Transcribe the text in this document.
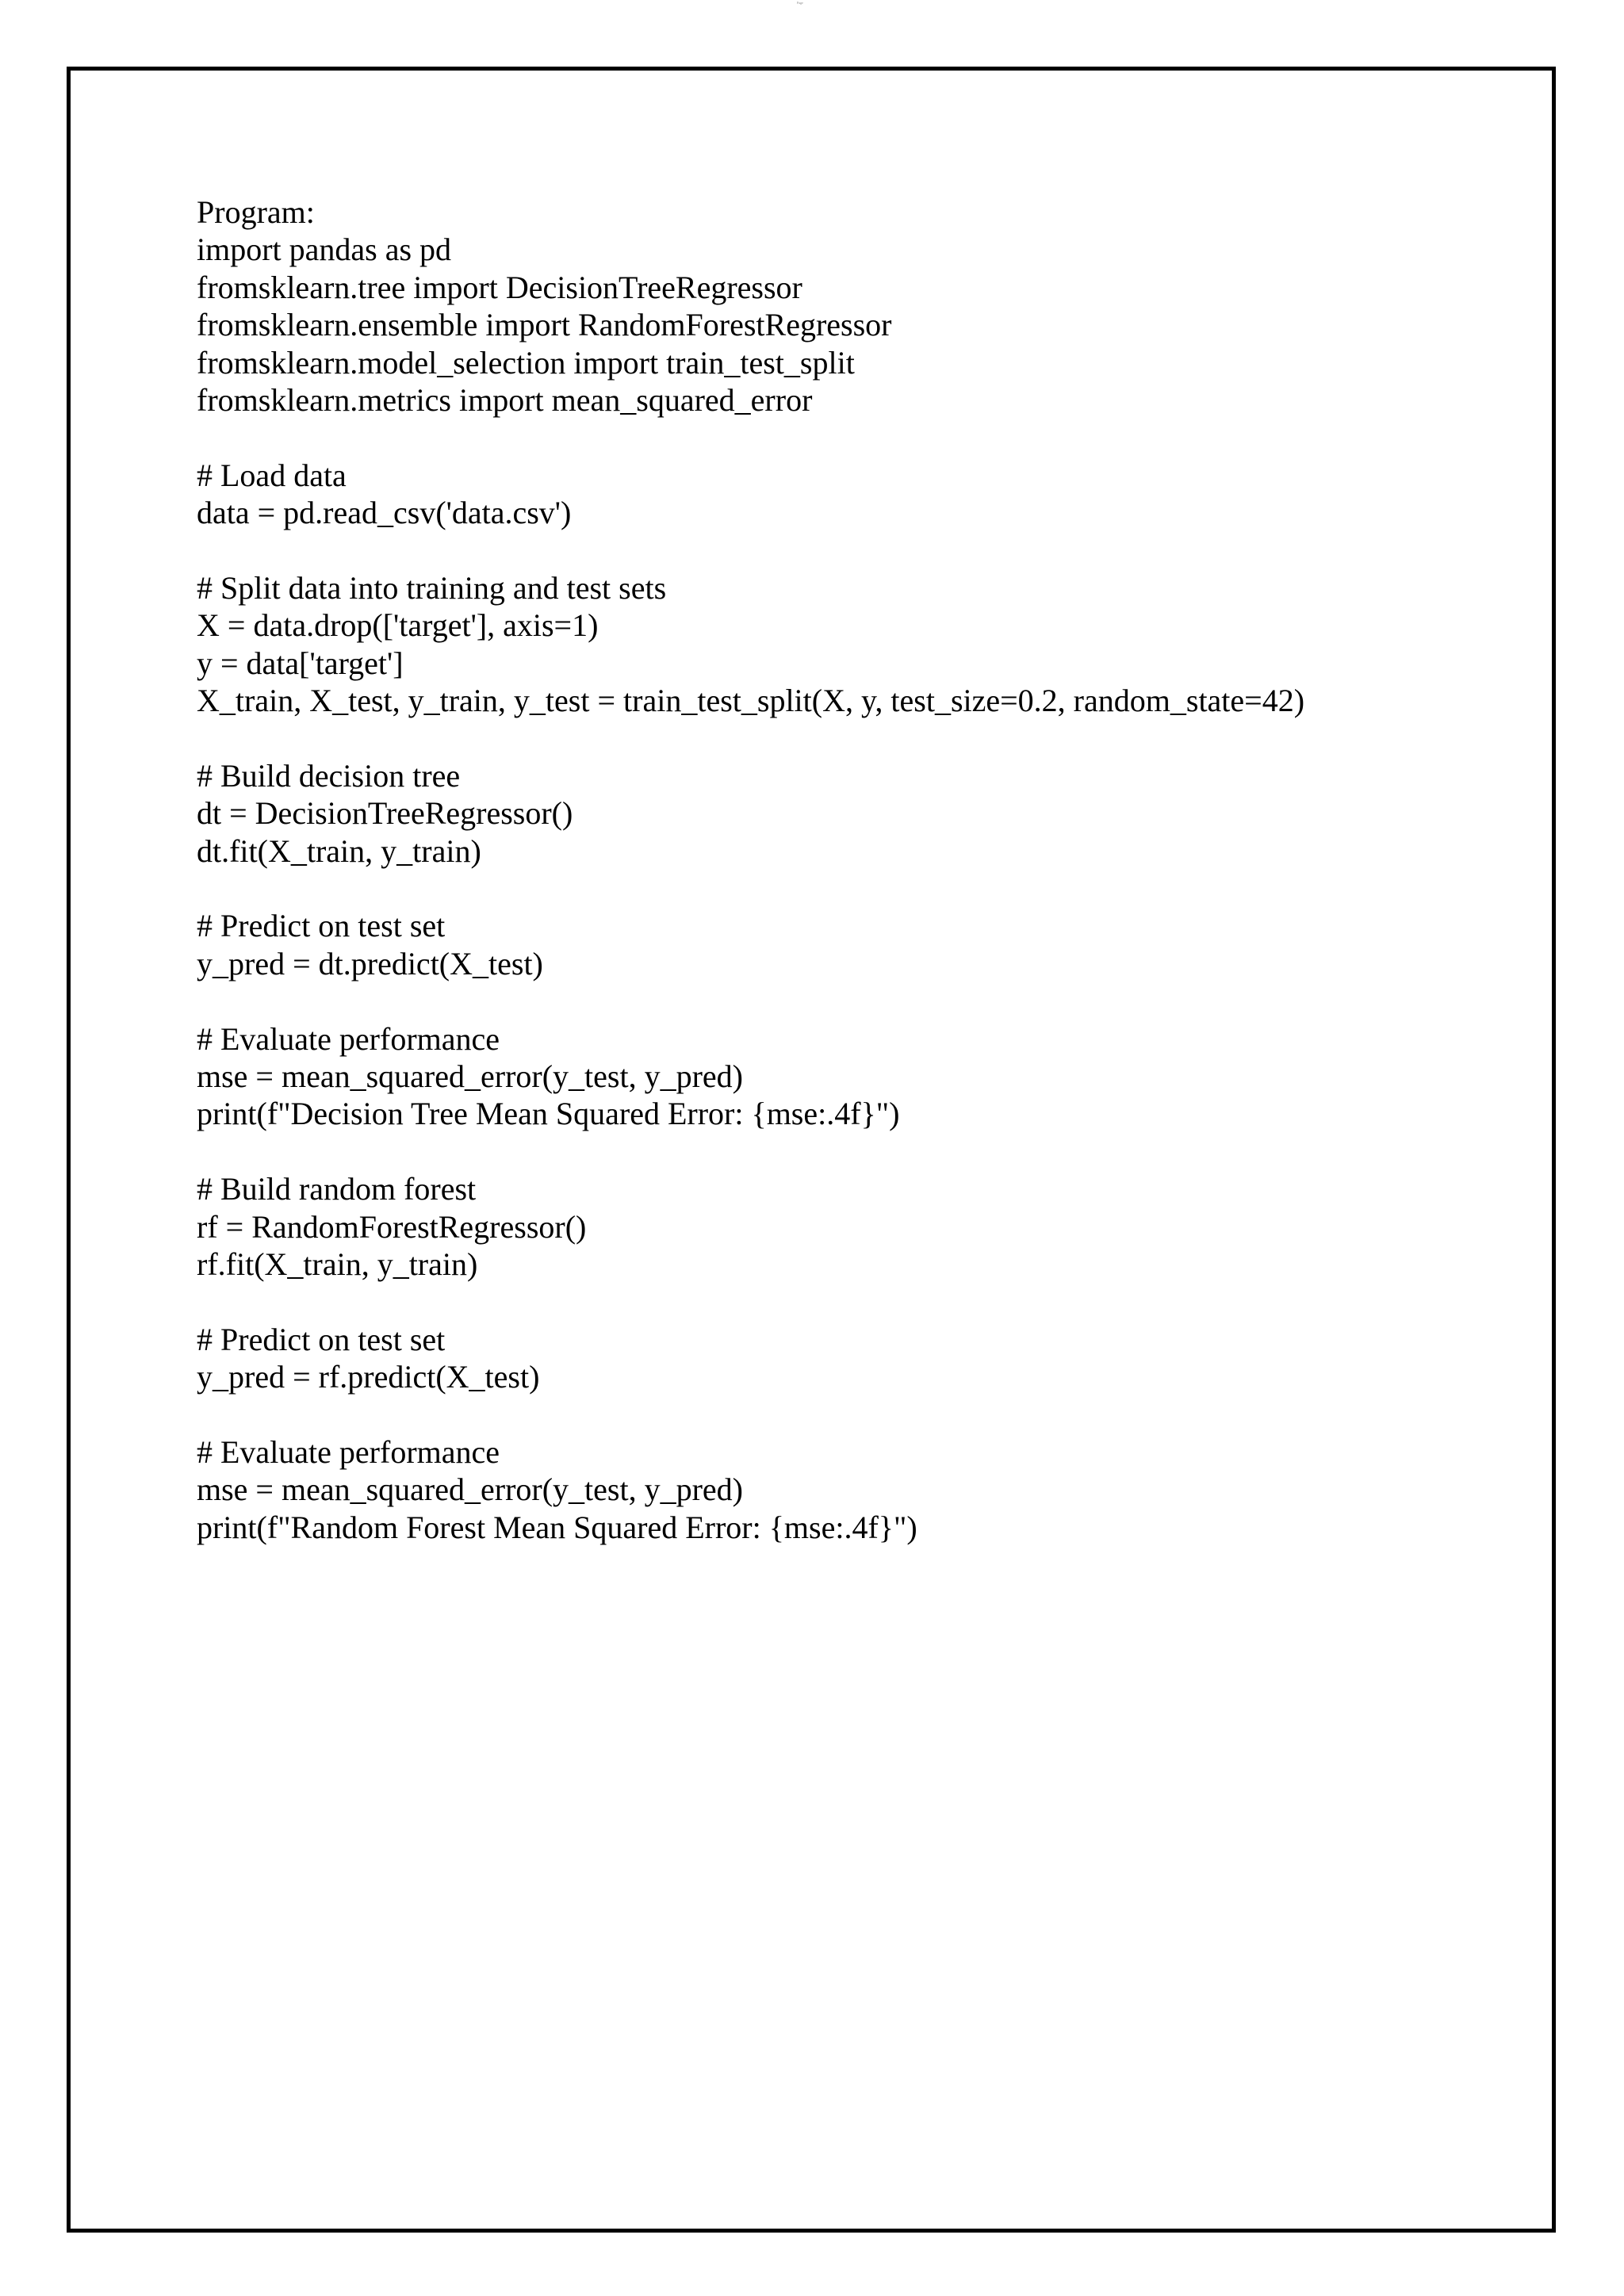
Page
Program:
import pandas as pd
fromsklearn.tree import DecisionTreeRegressor
fromsklearn.ensemble import RandomForestRegressor
fromsklearn.model_selection import train_test_split
fromsklearn.metrics import mean_squared_error
# Load data
data = pd.read_csv('data.csv')
# Split data into training and test sets
X = data.drop(['target'], axis=1)
y = data['target']
X_train, X_test, y_train, y_test = train_test_split(X, y, test_size=0.2, random_state=42)
# Build decision tree
dt = DecisionTreeRegressor()
dt.fit(X_train, y_train)
# Predict on test set
y_pred = dt.predict(X_test)
# Evaluate performance
mse = mean_squared_error(y_test, y_pred)
print(f"Decision Tree Mean Squared Error: {mse:.4f}")
# Build random forest
rf = RandomForestRegressor()
rf.fit(X_train, y_train)
# Predict on test set
y_pred = rf.predict(X_test)
# Evaluate performance
mse = mean_squared_error(y_test, y_pred)
print(f"Random Forest Mean Squared Error: {mse:.4f}")
